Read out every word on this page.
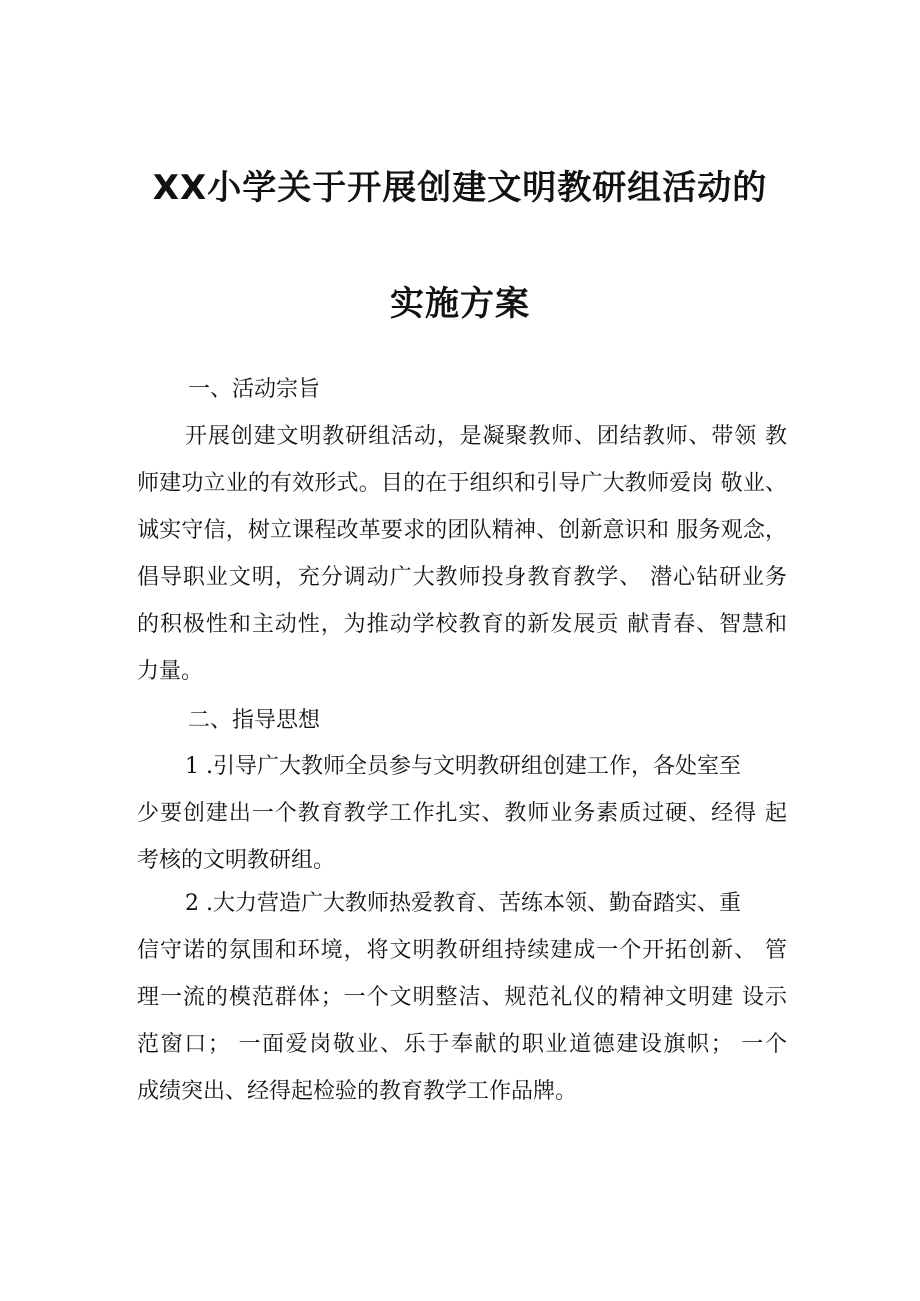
XX小学关于开展创建文明教研组活动的
实施方案
一、活动宗旨
开展创建文明教研组活动，是凝聚教师、团结教师、带领 教
师建功立业的有效形式。目的在于组织和引导广大教师爱岗 敬业、
诚实守信，树立课程改革要求的团队精神、创新意识和 服务观念，
倡导职业文明，充分调动广大教师投身教育教学、 潜心钻研业务
的积极性和主动性，为推动学校教育的新发展贡 献青春、智慧和
力量。
二、指导思想
1 .引导广大教师全员参与文明教研组创建工作，各处室至
少要创建出一个教育教学工作扎实、教师业务素质过硬、经得 起
考核的文明教研组。
2 .大力营造广大教师热爱教育、苦练本领、勤奋踏实、重
信守诺的氛围和环境，将文明教研组持续建成一个开拓创新、 管
理一流的模范群体；一个文明整洁、规范礼仪的精神文明建 设示
范窗口； 一面爱岗敬业、乐于奉献的职业道德建设旗帜； 一个
成绩突出、经得起检验的教育教学工作品牌。
